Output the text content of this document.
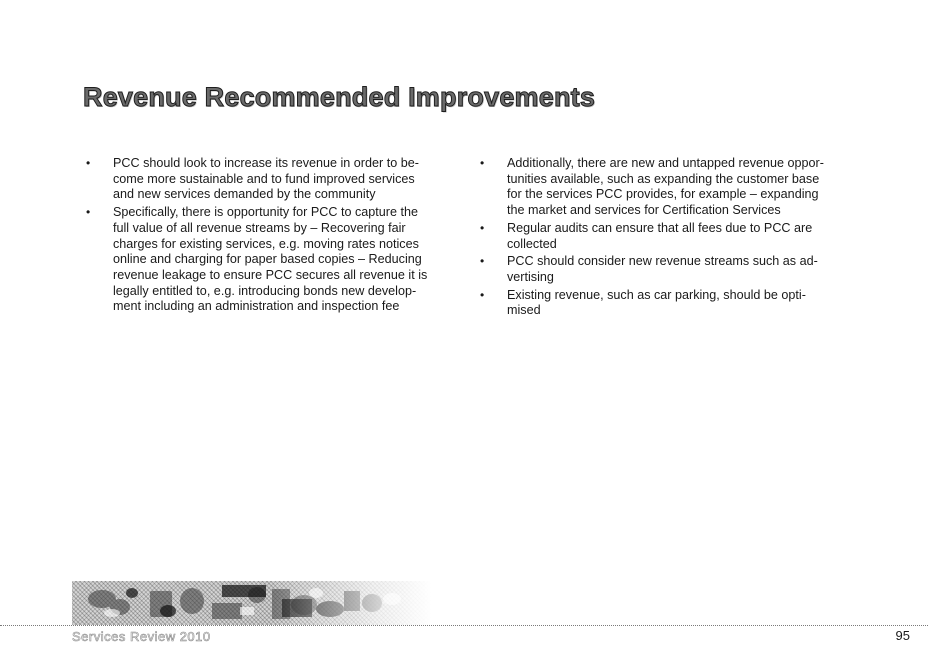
Revenue Recommended Improvements
• PCC should look to increase its revenue in order to be-
come more sustainable and to fund improved services
and new services demanded by the community
• Specifically, there is opportunity for PCC to capture the
full value of all revenue streams by – Recovering fair
charges for existing services, e.g. moving rates notices
online and charging for paper based copies – Reducing
revenue leakage to ensure PCC secures all revenue it is
legally entitled to, e.g. introducing bonds new develop-
ment including an administration and inspection fee
• Additionally, there are new and untapped revenue oppor-
tunities available, such as expanding the customer base
for the services PCC provides, for example – expanding
the market and services for Certification Services
• Regular audits can ensure that all fees due to PCC are
collected
• PCC should consider new revenue streams such as ad-
vertising
• Existing revenue, such as car parking, should be opti-
mised
Services Review 2010	95
